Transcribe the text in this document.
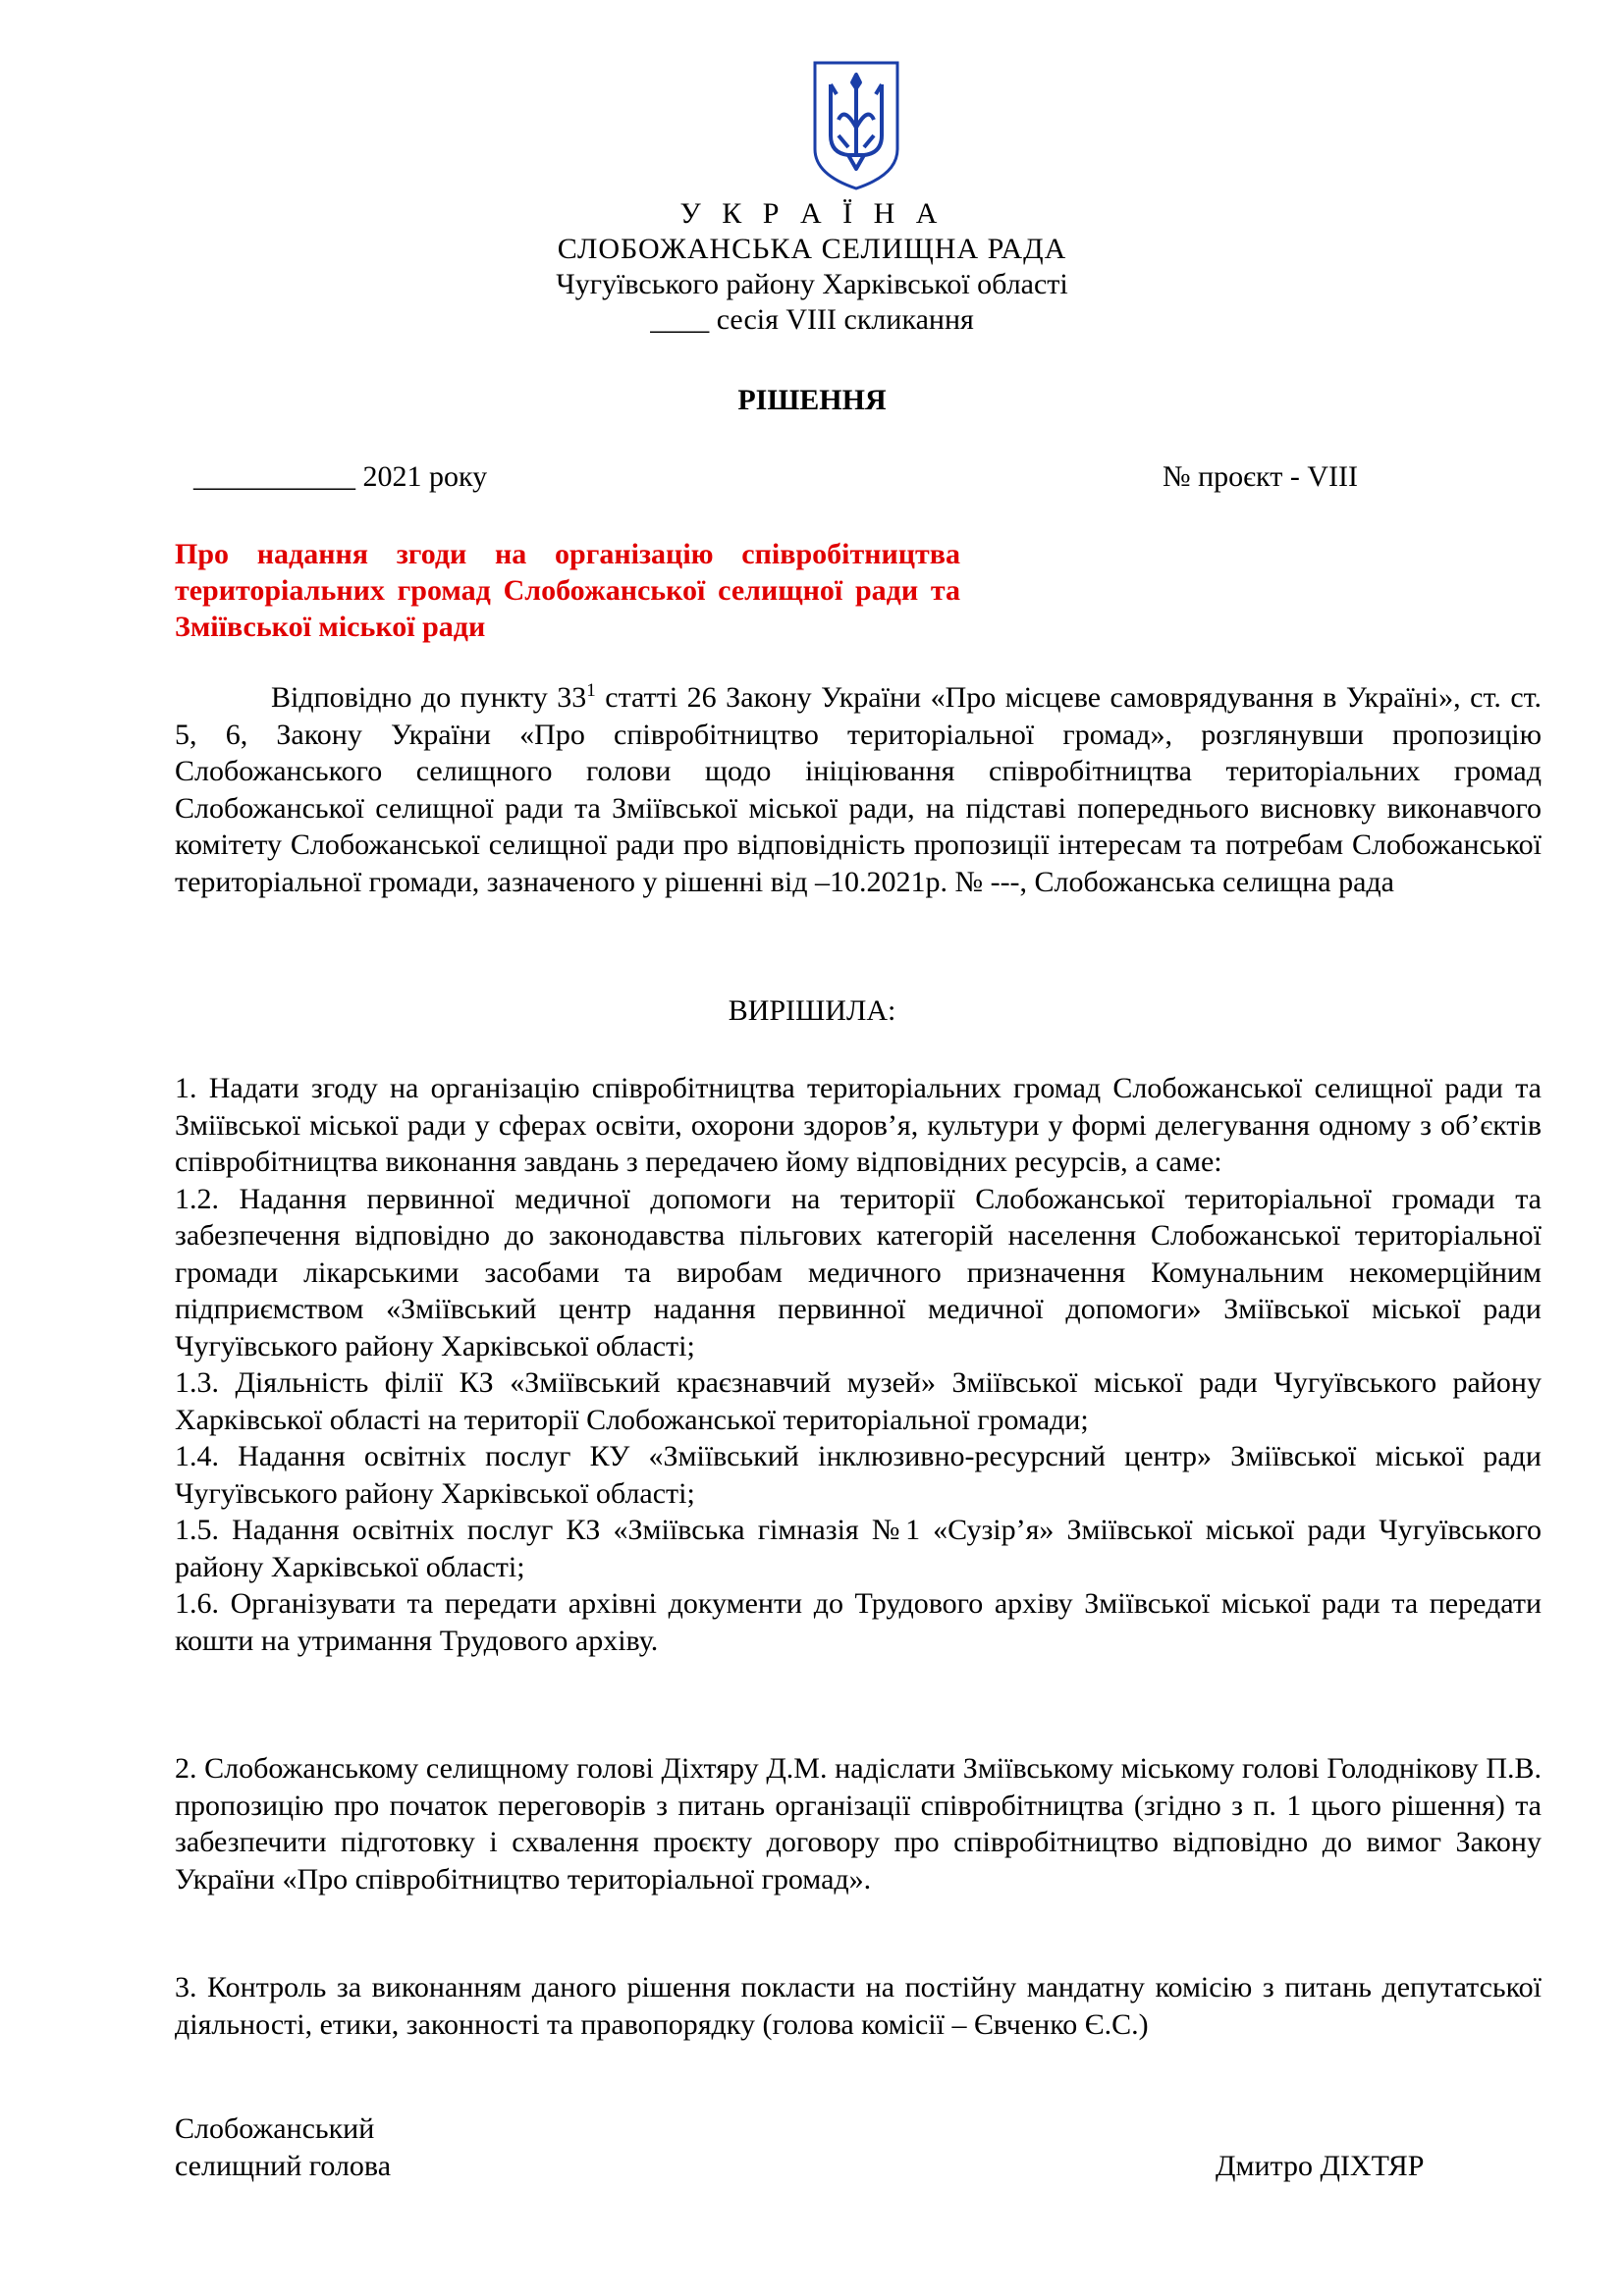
У К Р А Ї Н А
СЛОБОЖАНСЬКА СЕЛИЩНА РАДА
Чугуївського району Харківської області
____ сесія VIII скликання
РІШЕННЯ
___________ 2021 року	№ проєкт - VIII
Про надання згоди на організацію співробітництва територіальних громад Слобожанської селищної ради та Зміївської міської ради
Відповідно до пункту $33^1$ статті 26 Закону України «Про місцеве самоврядування в Україні», ст. ст. 5, 6, Закону України «Про співробітництво територіальної громад», розглянувши пропозицію Слобожанського селищного голови щодо ініціювання співробітництва територіальних громад Слобожанської селищної ради та Зміївської міської ради, на підставі попереднього висновку виконавчого комітету Слобожанської селищної ради про відповідність пропозиції інтересам та потребам Слобожанської територіальної громади, зазначеного у рішенні від –10.2021р. № ---, Слобожанська селищна рада
ВИРІШИЛА:

1. Надати згоду на організацію співробітництва територіальних громад Слобожанської селищної ради та Зміївської міської ради у сферах освіти, охорони здоров’я, культури у формі делегування одному з об’єктів співробітництва виконання завдань з передачею йому відповідних ресурсів, а саме:

1.2. Надання первинної медичної допомоги на території Слобожанської територіальної громади та забезпечення відповідно до законодавства пільгових категорій населення Слобожанської територіальної громади лікарськими засобами та виробам медичного призначення Комунальним некомерційним підприємством «Зміївський центр надання первинної медичної допомоги» Зміївської міської ради Чугуївського району Харківської області;

1.3. Діяльність філії КЗ «Зміївський краєзнавчий музей» Зміївської міської ради Чугуївського району Харківської області на території Слобожанської територіальної громади;

1.4. Надання освітніх послуг КУ «Зміївський інклюзивно-ресурсний центр» Зміївської міської ради Чугуївського району Харківської області;

1.5. Надання освітніх послуг КЗ «Зміївська гімназія №1 «Сузір’я» Зміївської міської ради Чугуївського району Харківської області;

1.6. Організувати та передати архівні документи до Трудового архіву Зміївської міської ради та передати кошти на утримання Трудового архіву.

2. Слобожанському селищному голові Діхтяру Д.М. надіслати Зміївському міському голові Голоднікову П.В. пропозицію про початок переговорів з питань організації співробітництва (згідно з п. 1 цього рішення) та забезпечити підготовку і схвалення проєкту договору про співробітництво відповідно до вимог Закону України «Про співробітництво територіальної громад».

3. Контроль за виконанням даного рішення покласти на постійну мандатну комісію з питань депутатської діяльності, етики, законності та правопорядку (голова комісії – Євченко Є.С.)

Слобожанський
селищний голова	Дмитро ДІХТЯР
